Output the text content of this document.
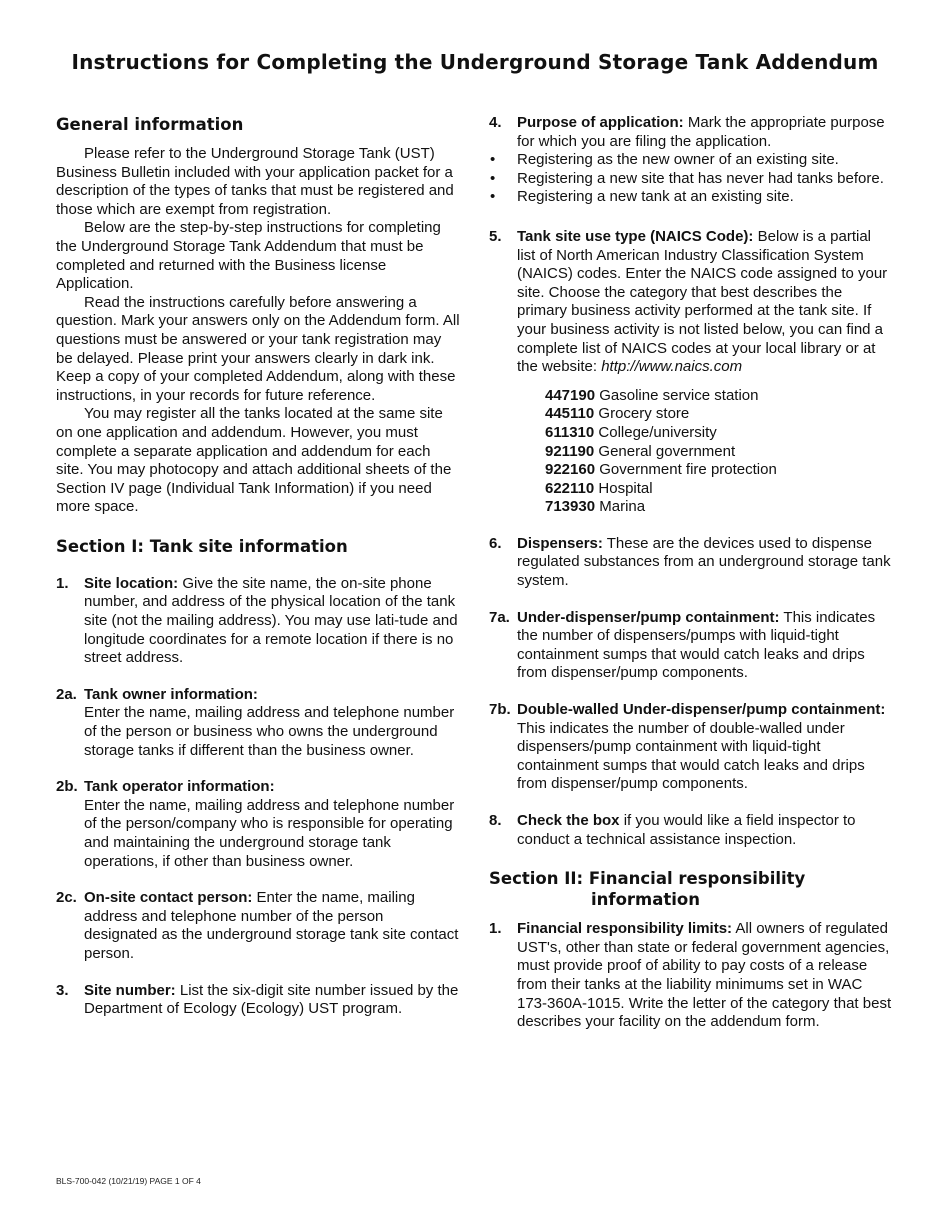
Instructions for Completing the Underground Storage Tank Addendum
General information

Please refer to the Underground Storage Tank (UST) Business Bulletin included with your application packet for a description of the types of tanks that must be registered and those which are exempt from registration.

Below are the step-by-step instructions for completing the Underground Storage Tank Addendum that must be completed and returned with the Business license Application.

Read the instructions carefully before answering a question. Mark your answers only on the Addendum form. All questions must be answered or your tank registration may be delayed. Please print your answers clearly in dark ink. Keep a copy of your completed Addendum, along with these instructions, in your records for future reference.

You may register all the tanks located at the same site on one application and addendum. However, you must complete a separate application and addendum for each site. You may photocopy and attach additional sheets of the Section IV page (Individual Tank Information) if you need more space.

Section I: Tank site information
1. Site location: Give the site name, the on-site phone number, and address of the physical location of the tank site (not the mailing address). You may use lati-tude and longitude coordinates for a remote location if there is no street address.
2a. Tank owner information:
Enter the name, mailing address and telephone number of the person or business who owns the underground storage tanks if different than the business owner.
2b. Tank operator information:
Enter the name, mailing address and telephone number of the person/company who is responsible for operating and maintaining the underground storage tank operations, if other than business owner.
2c. On-site contact person: Enter the name, mailing address and telephone number of the person designated as the underground storage tank site contact person.
3. Site number: List the six-digit site number issued by the Department of Ecology (Ecology) UST program.
4. Purpose of application: Mark the appropriate purpose for which you are filing the application.
• Registering as the new owner of an existing site.
• Registering a new site that has never had tanks before.
• Registering a new tank at an existing site.
5. Tank site use type (NAICS Code): Below is a partial list of North American Industry Classification System (NAICS) codes. Enter the NAICS code assigned to your site. Choose the category that best describes the primary business activity performed at the tank site. If your business activity is not listed below, you can find a complete list of NAICS codes at your local library or at the website: http://www.naics.com
447190 Gasoline service station
445110 Grocery store
611310 College/university
921190 General government
922160 Government fire protection
622110 Hospital
713930 Marina
6. Dispensers: These are the devices used to dispense regulated substances from an underground storage tank system.
7a. Under-dispenser/pump containment: This indicates the number of dispensers/pumps with liquid-tight containment sumps that would catch leaks and drips from dispenser/pump components.
7b. Double-walled Under-dispenser/pump containment: This indicates the number of double-walled under dispensers/pump containment with liquid-tight containment sumps that would catch leaks and drips from dispenser/pump components.
8. Check the box if you would like a field inspector to conduct a technical assistance inspection.
Section II: Financial responsibility
information
1. Financial responsibility limits: All owners of regulated UST's, other than state or federal government agencies, must provide proof of ability to pay costs of a release from their tanks at the liability minimums set in WAC 173-360A-1015. Write the letter of the category that best describes your facility on the addendum form.
BLS-700-042 (10/21/19) PAGE 1 OF 4
